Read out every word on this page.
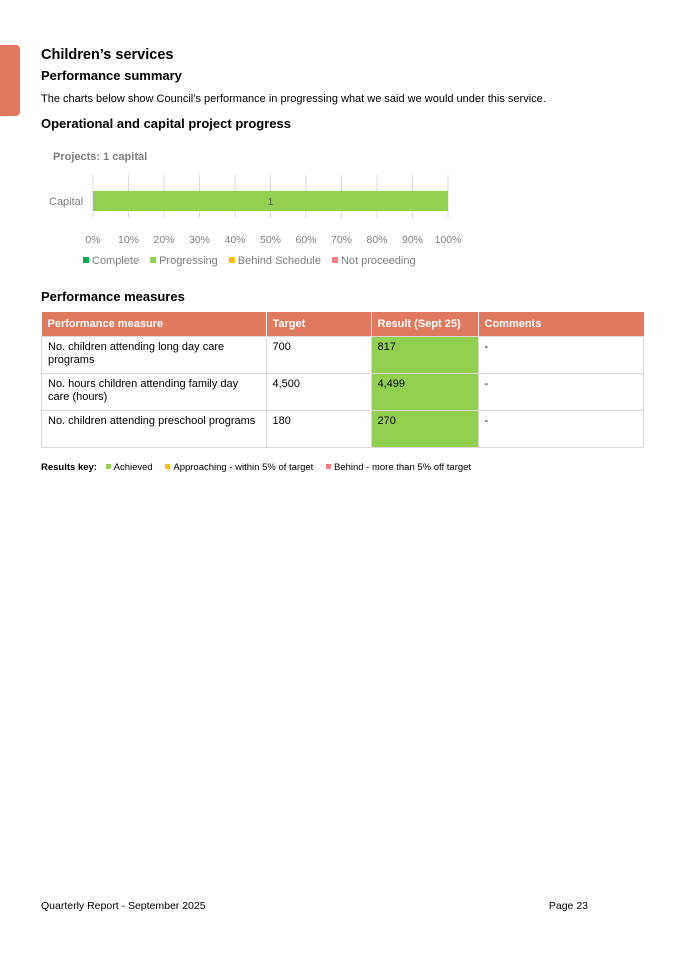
Children’s services
Performance summary

The charts below show Council’s performance in progressing what we said we would under this service.

Operational and capital project progress
Performance measures
Projects: 1 capital
0% 10% 20% 30% 40% 50% 60% 70% 80% 90% 100%
1
Capital
Complete Progressing Behind Schedule Not proceeding
Performance measure	Target	Result (Sept 25)	Comments
No. children attending long day care programs	700	817	-
No. hours children attending family day care (hours)	4,500	4,499	-
No. children attending preschool programs	180	270	-
Results key: Achieved Approaching - within 5% of target Behind - more than 5% off target
Quarterly Report - September 2025	Page 23
